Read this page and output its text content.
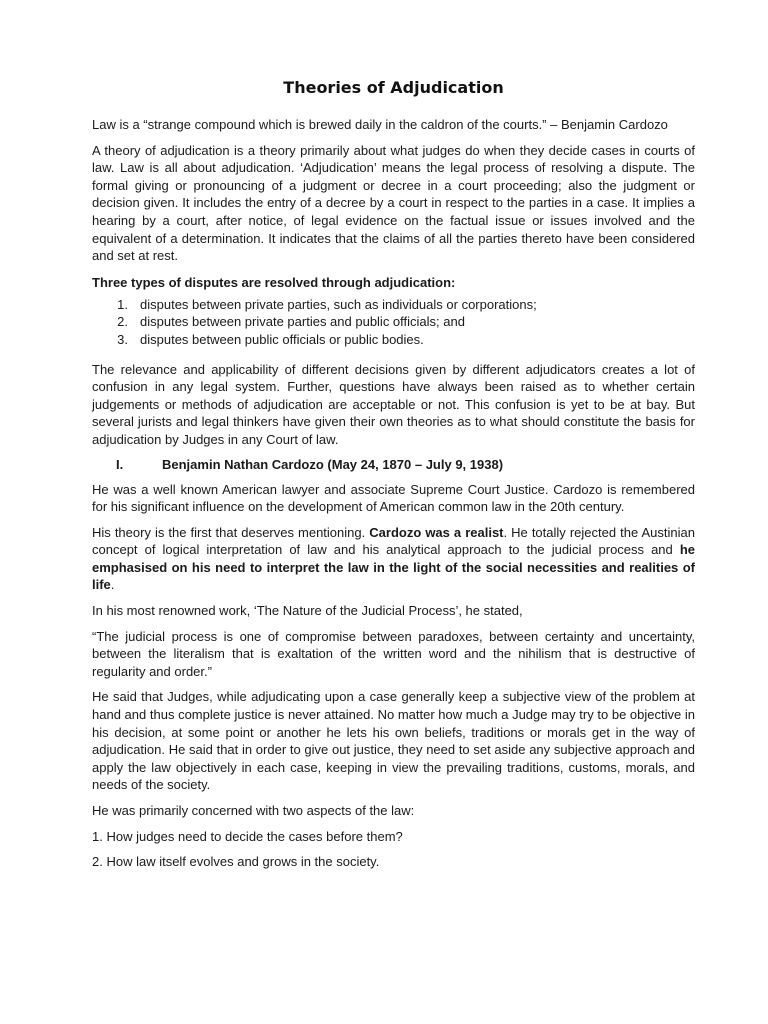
Theories of Adjudication

Law is a “strange compound which is brewed daily in the caldron of the courts.” – Benjamin Cardozo

A theory of adjudication is a theory primarily about what judges do when they decide cases in courts of law. Law is all about adjudication. ‘Adjudication’ means the legal process of resolving a dispute. The formal giving or pronouncing of a judgment or decree in a court proceeding; also the judgment or decision given. It includes the entry of a decree by a court in respect to the parties in a case. It implies a hearing by a court, after notice, of legal evidence on the factual issue or issues involved and the equivalent of a determination. It indicates that the claims of all the parties thereto have been considered and set at rest.

Three types of disputes are resolved through adjudication:
1. disputes between private parties, such as individuals or corporations;
2. disputes between private parties and public officials; and
3. disputes between public officials or public bodies.

The relevance and applicability of different decisions given by different adjudicators creates a lot of confusion in any legal system. Further, questions have always been raised as to whether certain judgements or methods of adjudication are acceptable or not. This confusion is yet to be at bay. But several jurists and legal thinkers have given their own theories as to what should constitute the basis for adjudication by Judges in any Court of law.

I.	Benjamin Nathan Cardozo (May 24, 1870 – July 9, 1938)

He was a well known American lawyer and associate Supreme Court Justice. Cardozo is remembered for his significant influence on the development of American common law in the 20th century.

His theory is the first that deserves mentioning. Cardozo was a realist. He totally rejected the Austinian concept of logical interpretation of law and his analytical approach to the judicial process and he emphasised on his need to interpret the law in the light of the social necessities and realities of life.

In his most renowned work, ‘The Nature of the Judicial Process’, he stated,

“The judicial process is one of compromise between paradoxes, between certainty and uncertainty, between the literalism that is exaltation of the written word and the nihilism that is destructive of regularity and order.”

He said that Judges, while adjudicating upon a case generally keep a subjective view of the problem at hand and thus complete justice is never attained. No matter how much a Judge may try to be objective in his decision, at some point or another he lets his own beliefs, traditions or morals get in the way of adjudication. He said that in order to give out justice, they need to set aside any subjective approach and apply the law objectively in each case, keeping in view the prevailing traditions, customs, morals, and needs of the society.

He was primarily concerned with two aspects of the law:

1. How judges need to decide the cases before them?

2. How law itself evolves and grows in the society.
